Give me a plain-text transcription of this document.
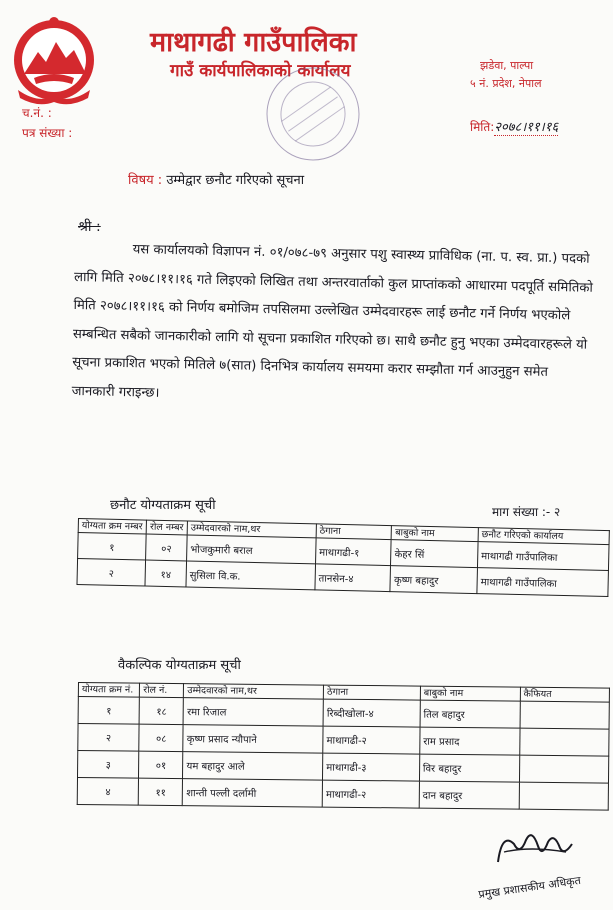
माथागढी गाउँपालिका
गाउँ कार्यपालिकाको कार्यालय	झडेवा, पाल्पा
५ नं. प्रदेश, नेपाल
च.नं. :
पत्र संख्या :	मिति:२०७८।११।१६
विषय : उम्मेद्वार छनौट गरिएको सूचना
श्री :
यस कार्यालयको विज्ञापन नं. ०१/०७८-७९ अनुसार पशु स्वास्थ्य प्राविधिक (ना. प. स्व. प्रा.) पदको लागि मिति २०७८।११।१६ गते लिइएको लिखित तथा अन्तरवार्ताको कुल प्राप्तांकको आधारमा पदपूर्ति समितिको मिति २०७८।११।१६ को निर्णय बमोजिम तपसिलमा उल्लेखित उम्मेदवारहरू लाई छनौट गर्ने निर्णय भएकोले सम्बन्धित सबैको जानकारीको लागि यो सूचना प्रकाशित गरिएको छ। साथै छनौट हुनु भएका उम्मेदवारहरूले यो सूचना प्रकाशित भएको मितिले ७(सात) दिनभित्र कार्यालय समयमा करार सम्झौता गर्न आउनुहुन समेत जानकारी गराइन्छ।
छनौट योग्यताक्रम सूची	माग संख्या :- २
योग्यता क्रम नम्बर	रोल नम्बर	उम्मेदवारको नाम,थर	ठेगाना	बाबुको नाम	छनौट गरिएको कार्यालय
१	०२	भोजकुमारी बराल	माथागढी-१	केहर सिं	माथागढी गाउँपालिका
२	१४	सुसिला वि.क.	तानसेन-४	कृष्ण बहादुर	माथागढी गाउँपालिका
वैकल्पिक योग्यताक्रम सूची
योग्यता क्रम नं.	रोल नं.	उम्मेदवारको नाम,थर	ठेगाना	बाबुको नाम	कैफियत
१	१८	रमा रिजाल	रिब्दीखोला-४	तिल बहादुर	
२	०८	कृष्ण प्रसाद न्यौपाने	माथागढी-२	राम प्रसाद	
३	०१	यम बहादुर आले	माथागढी-३	विर बहादुर	
४	११	शान्ती पल्ली दर्लामी	माथागढी-२	दान बहादुर	
प्रमुख प्रशासकीय अधिकृत
